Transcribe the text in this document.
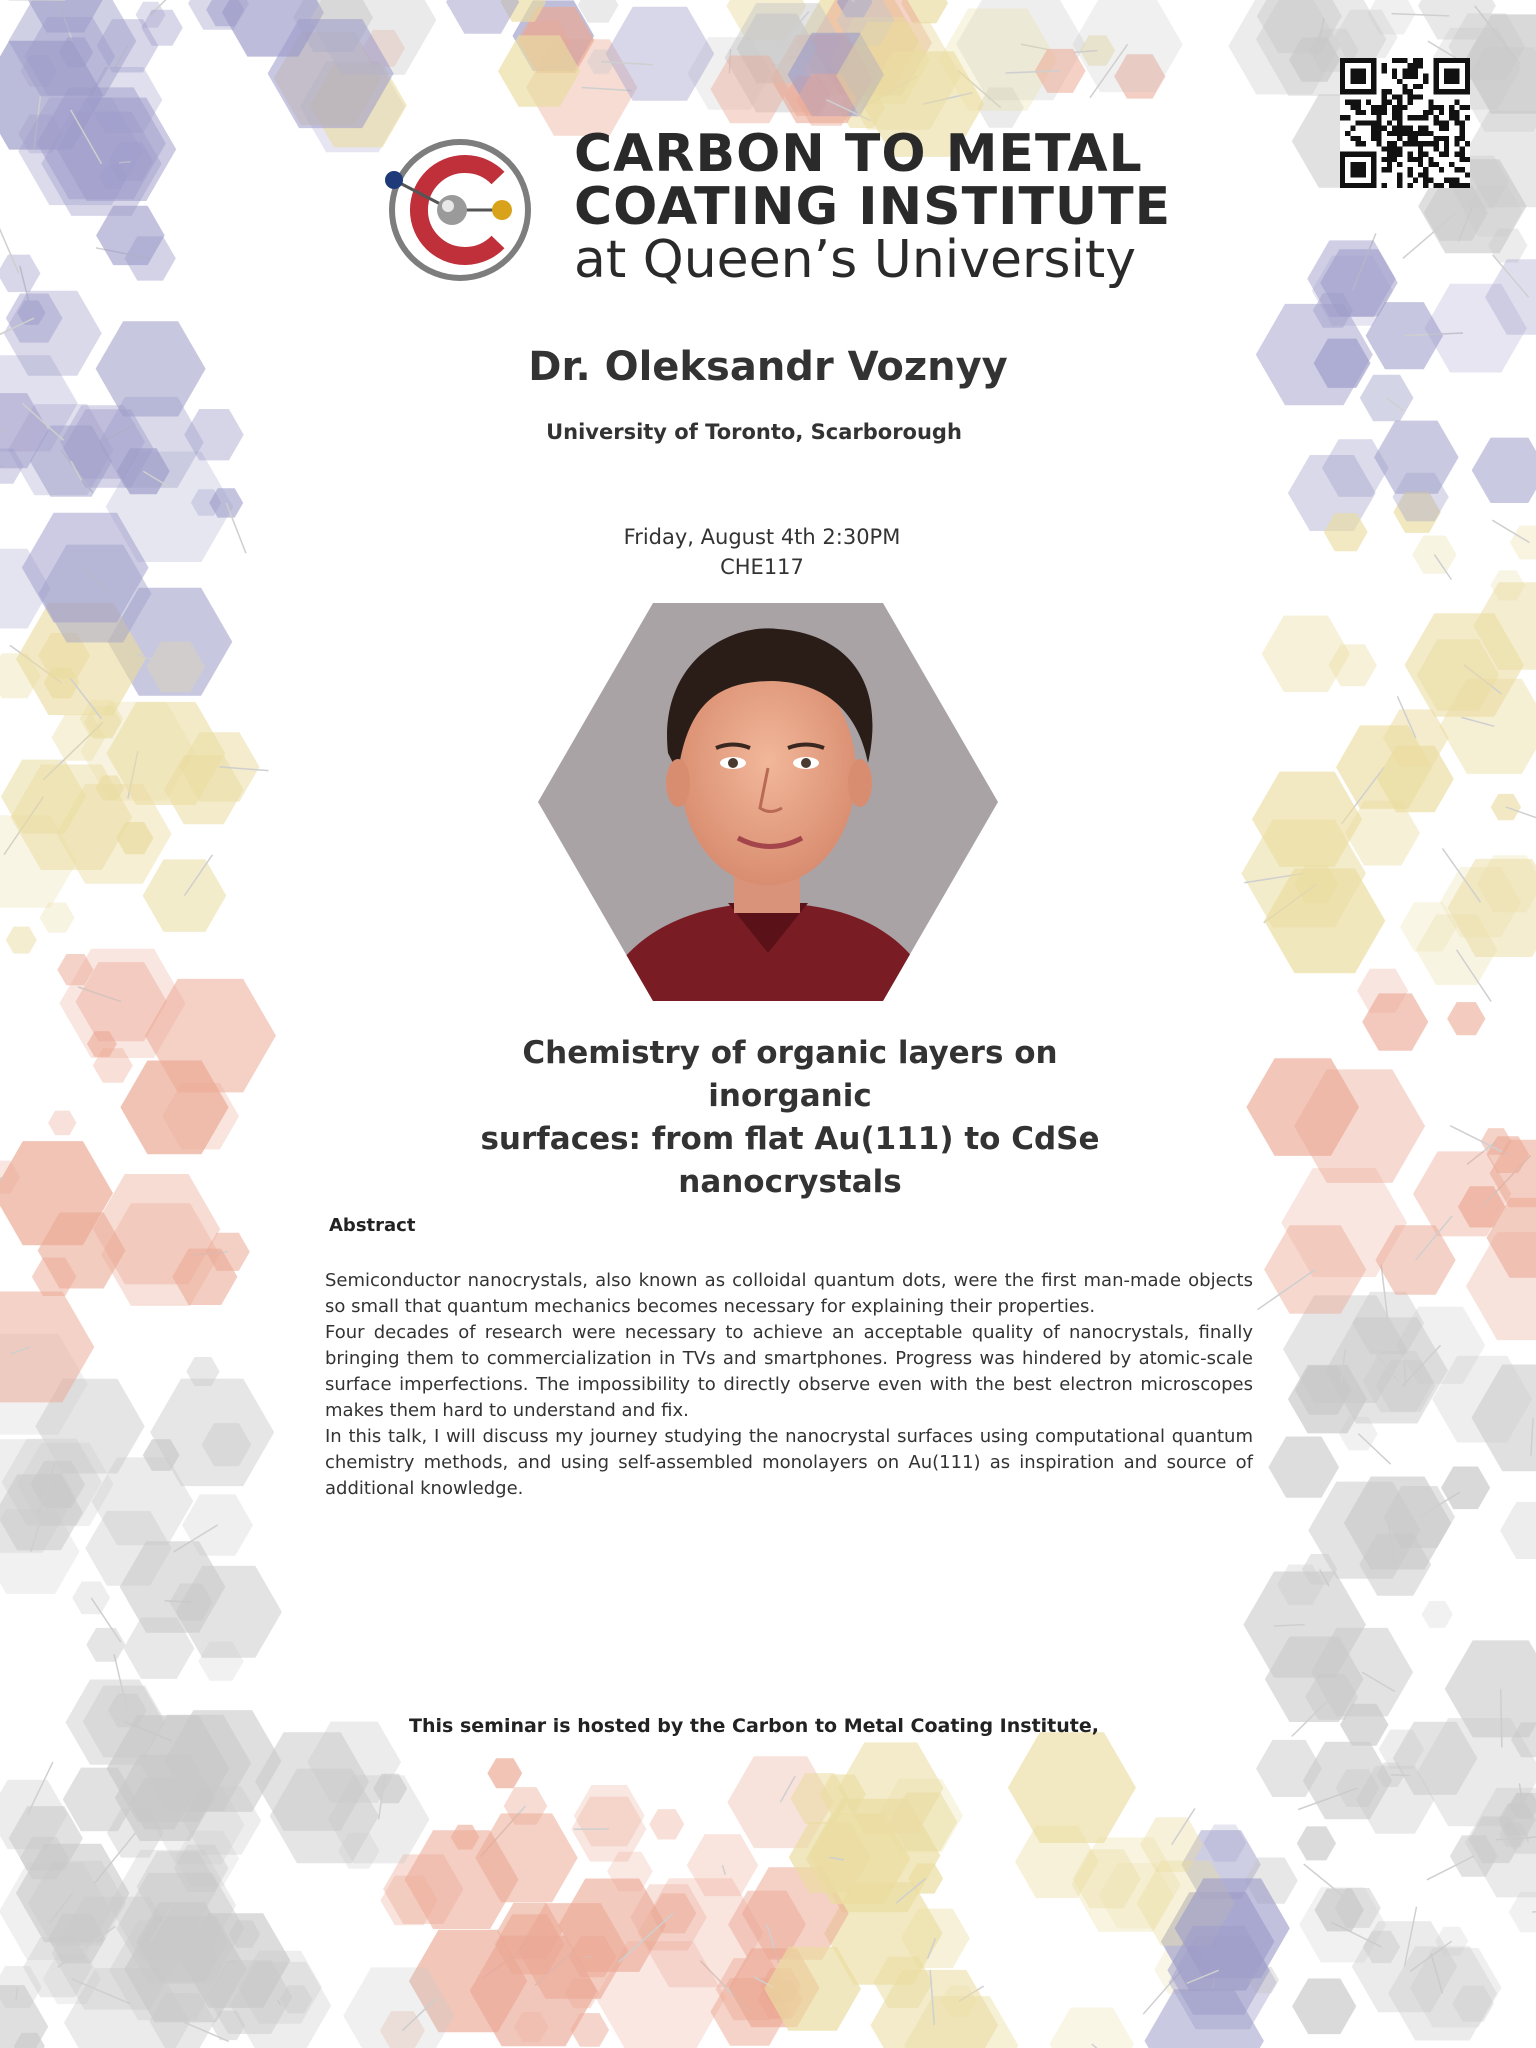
CARBON TO METAL
COATING INSTITUTE
at Queen’s University
Dr. Oleksandr Voznyy
University of Toronto, Scarborough
Friday, August 4th 2:30PM
CHE117
Chemistry of organic layers on inorganic
surfaces: from flat Au(111) to CdSe
nanocrystals
Abstract

Semiconductor nanocrystals, also known as colloidal quantum dots, were the first man-made objects so small that quantum mechanics becomes necessary for explaining their properties.

Four decades of research were necessary to achieve an acceptable quality of nanocrystals, finally bringing them to commercialization in TVs and smartphones. Progress was hindered by atomic-scale surface imperfections. The impossibility to directly observe even with the best electron microscopes makes them hard to understand and fix.

In this talk, I will discuss my journey studying the nanocrystal surfaces using computational quantum chemistry methods, and using self-assembled monolayers on Au(111) as inspiration and source of additional knowledge.

This seminar is hosted by the Carbon to Metal Coating Institute,
